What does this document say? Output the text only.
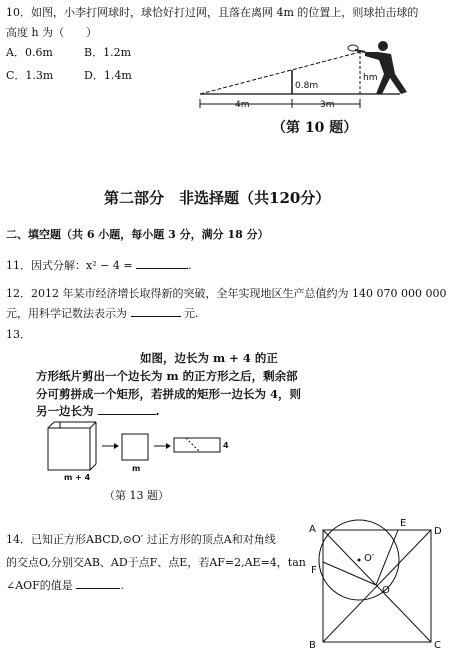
10．如图，小李打网球时，球恰好打过网，且落在离网 4m 的位置上，则球拍击球的
高度 h 为（　　）
A．0.6m	B．1.2m
C．1.3m	D．1.4m
4m	3m
0.8m
hm
（第 10 题）
第二部分　非选择题（共120分）
二、填空题（共 6 小题，每小题 3 分，满分 18 分）
11．因式分解：x² − 4 =	.
12．2012 年某市经济增长取得新的突破，全年实现地区生产总值约为 140 070 000 000
元，用科学记数法表示为	元.
13．
如图，边长为 m + 4 的正
方形纸片剪出一个边长为 m 的正方形之后，剩余部
分可剪拼成一个矩形，若拼成的矩形一边长为 4，则
另一边长为	.
m + 4
m
4
（第 13 题）
14．已知正方形ABCD,⊙O′ 过正方形的顶点A和对角线
的交点O,分别交AB、AD于点F、点E，若AF=2,AE=4，tan
∠AOF的值是	.
A	D
E
F
O′
O
B	C
